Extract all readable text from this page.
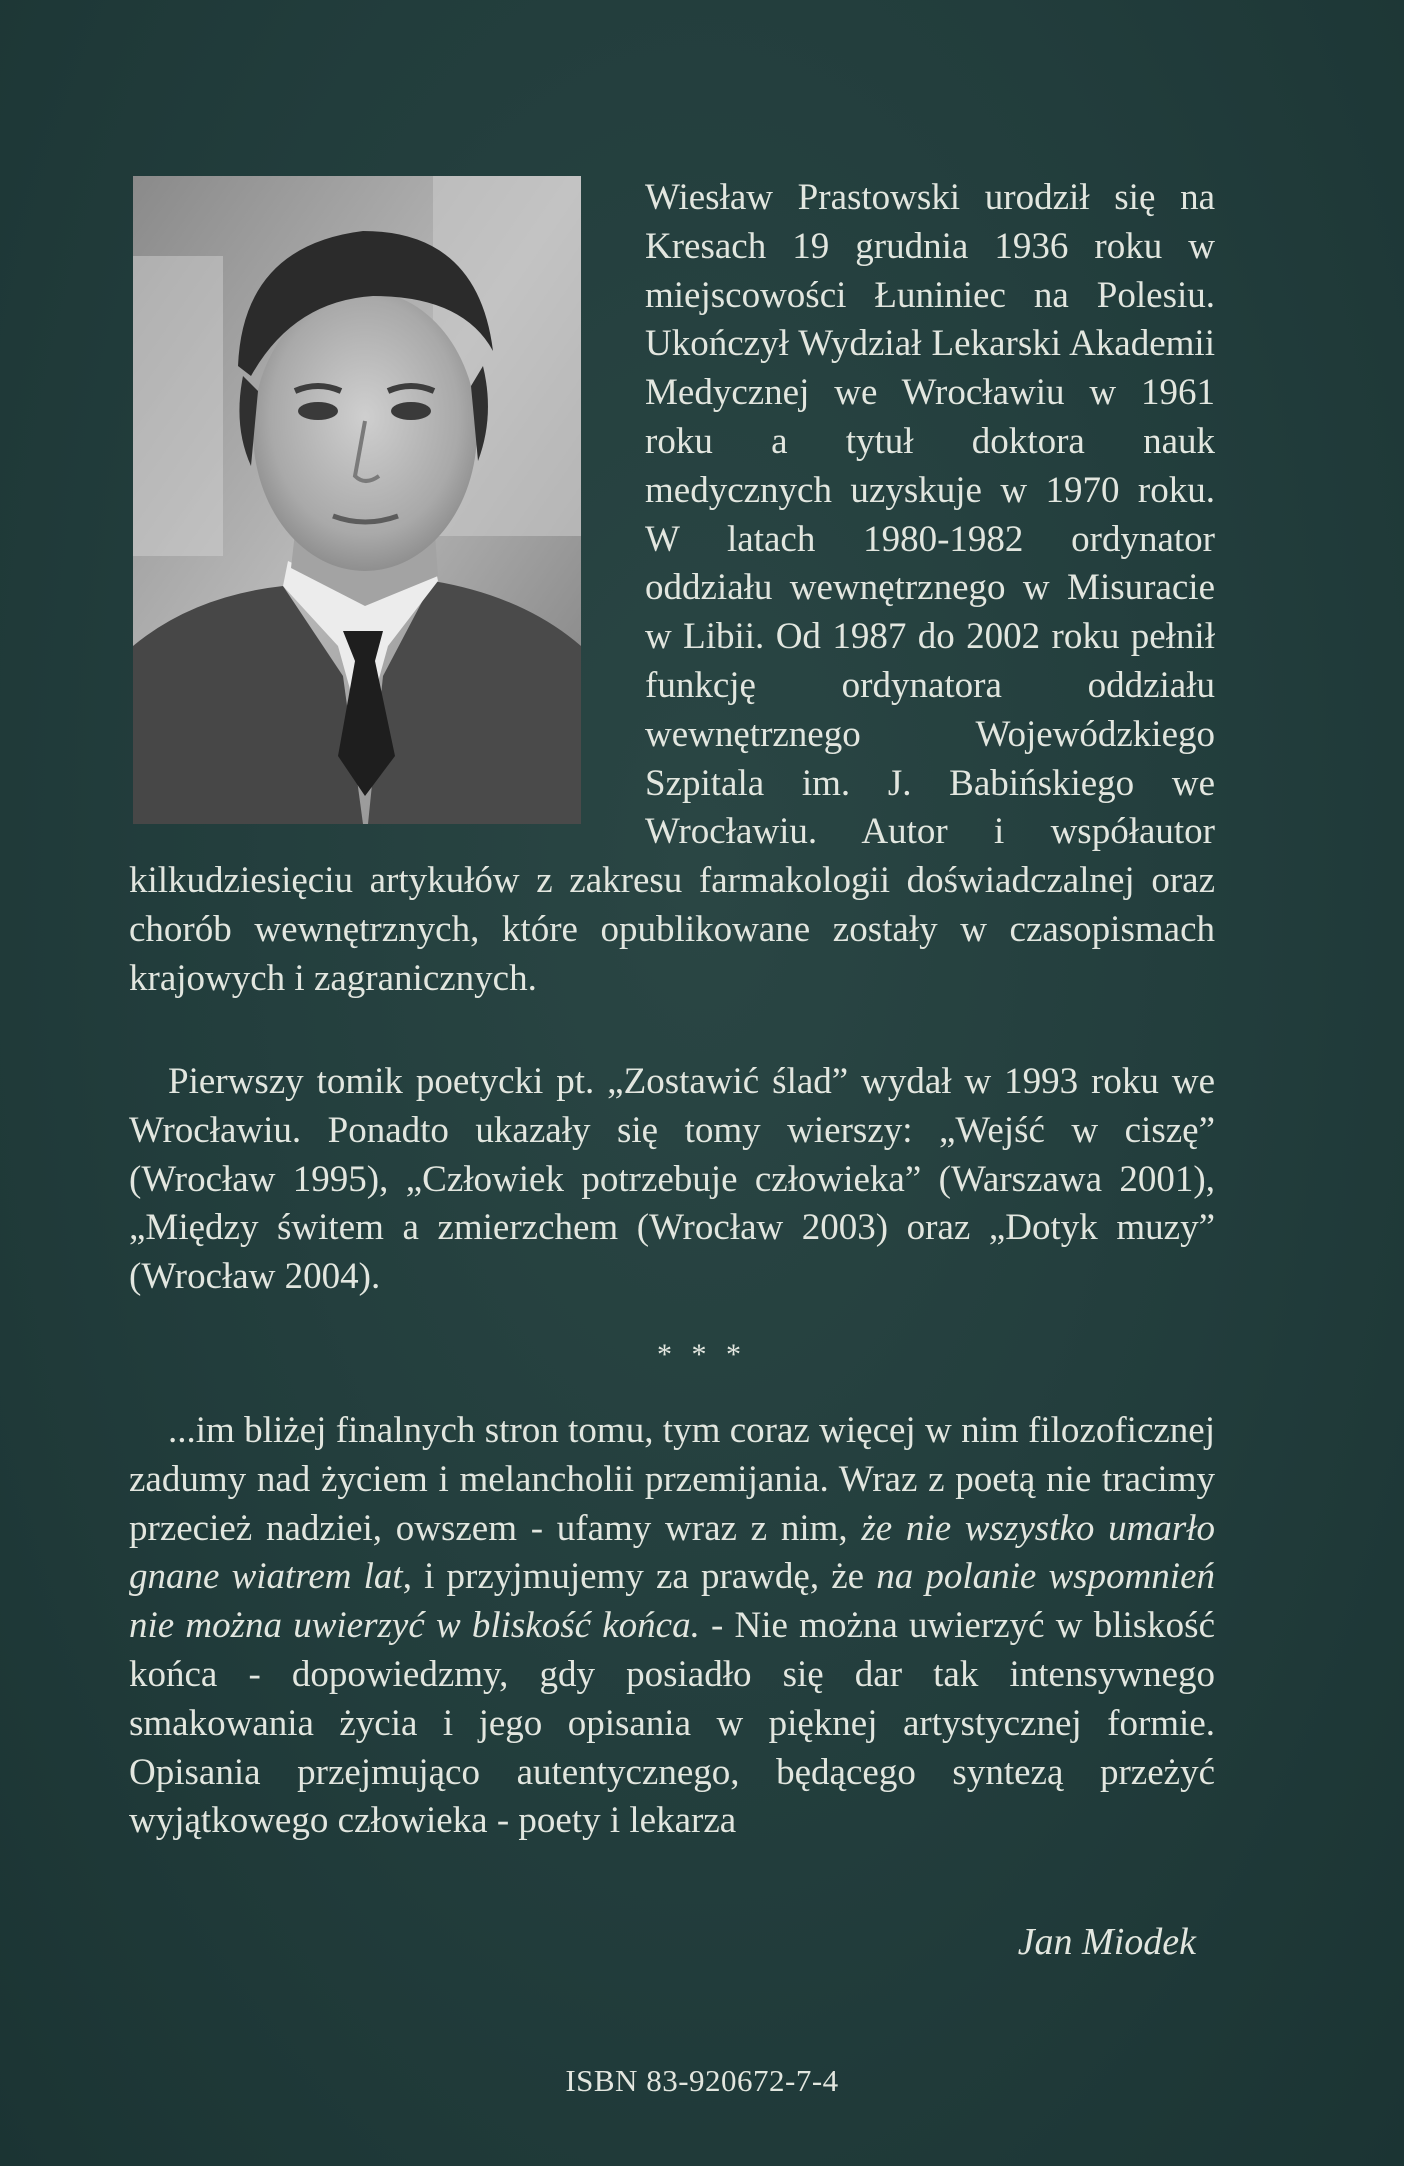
Wiesław Prastowski urodził się na Kresach 19 grudnia 1936 roku w miejscowości Łuniniec na Polesiu. Ukończył Wydział Lekarski Akademii Medycznej we Wrocławiu w 1961 roku a tytuł doktora nauk medycznych uzyskuje w 1970 roku. W latach 1980-1982 ordynator oddziału wewnętrznego w Misuracie w Libii. Od 1987 do 2002 roku pełnił funkcję ordynatora oddziału wewnętrznego Wojewódzkiego Szpitala im. J. Babińskiego we Wrocławiu. Autor i współautor kilkudziesięciu artykułów z zakresu farmakologii doświadczalnej oraz chorób wewnętrznych, które opublikowane zostały w czasopismach krajowych i zagranicznych.

Pierwszy tomik poetycki pt. „Zostawić ślad” wydał w 1993 roku we Wrocławiu. Ponadto ukazały się tomy wierszy: „Wejść w ciszę” (Wrocław 1995), „Człowiek potrzebuje człowieka” (Warszawa 2001), „Między świtem a zmierzchem (Wrocław 2003) oraz „Dotyk muzy” (Wrocław 2004).

* * *

...im bliżej finalnych stron tomu, tym coraz więcej w nim filozoficznej zadumy nad życiem i melancholii przemijania. Wraz z poetą nie tracimy przecież nadziei, owszem - ufamy wraz z nim, że nie wszystko umarło gnane wiatrem lat, i przyjmujemy za prawdę, że na polanie wspomnień nie można uwierzyć w bliskość końca. - Nie można uwierzyć w bliskość końca - dopowiedzmy, gdy posiadło się dar tak intensywnego smakowania życia i jego opisania w pięknej artystycznej formie. Opisania przejmująco autentycznego, będącego syntezą przeżyć wyjątkowego człowieka - poety i lekarza

Jan Miodek
ISBN 83-920672-7-4
